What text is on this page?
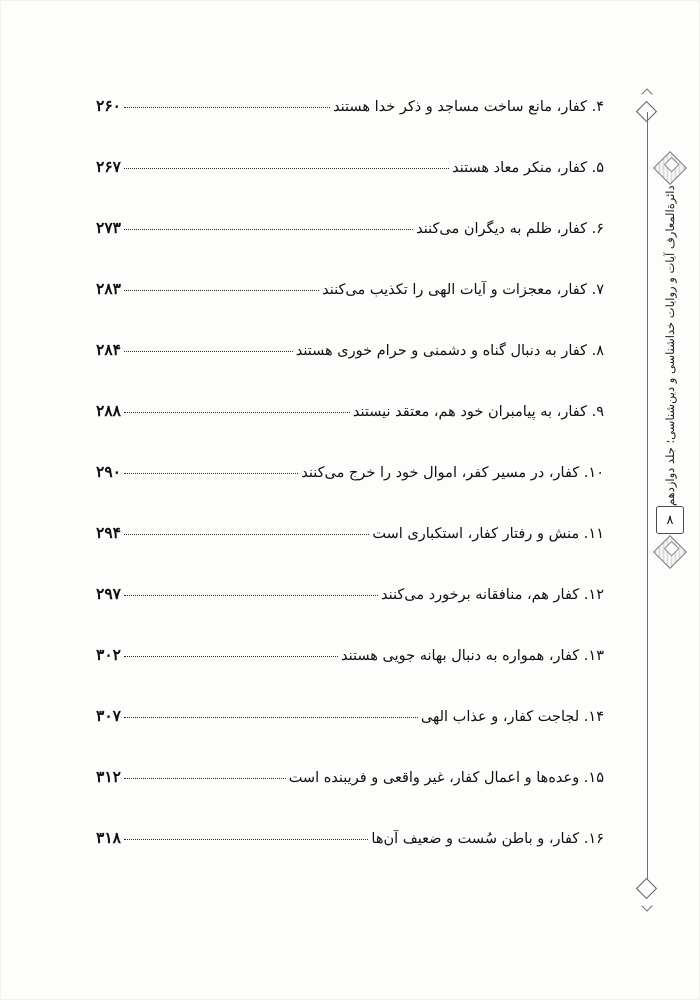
۴. کفار، مانع ساخت مساجد و ذکر خدا هستند
۲۶۰
۵. کفار، منکر معاد هستند
۲۶۷
۶. کفار، ظلم به دیگران می‌کنند
۲۷۳
۷. کفار، معجزات و آیات الهی را تکذیب می‌کنند
۲۸۳
۸. کفار به دنبال گناه و دشمنی و حرام خوری هستند
۲۸۴
۹. کفار، به پیامبران خود هم، معتقد نیستند
۲۸۸
۱۰. کفار، در مسیر کفر، اموال خود را خرج می‌کنند
۲۹۰
۱۱. منش و رفتار کفار، استکباری است
۲۹۴
۱۲. کفار هم، منافقانه برخورد می‌کنند
۲۹۷
۱۳. کفار، همواره به دنبال بهانه جویی هستند
۳۰۲
۱۴. لجاجت کفار، و عذاب الهی
۳۰۷
۱۵. وعده‌ها و اعمال کفار، غیر واقعی و فریبنده است
۳۱۲
۱۶. کفار، و باطن سُست و ضعیف آن‌ها
۳۱۸
دائرةالمعارف آیات و روایات خداشناسی و دین‌شناسی؛ جلد دوازدهم
۸
